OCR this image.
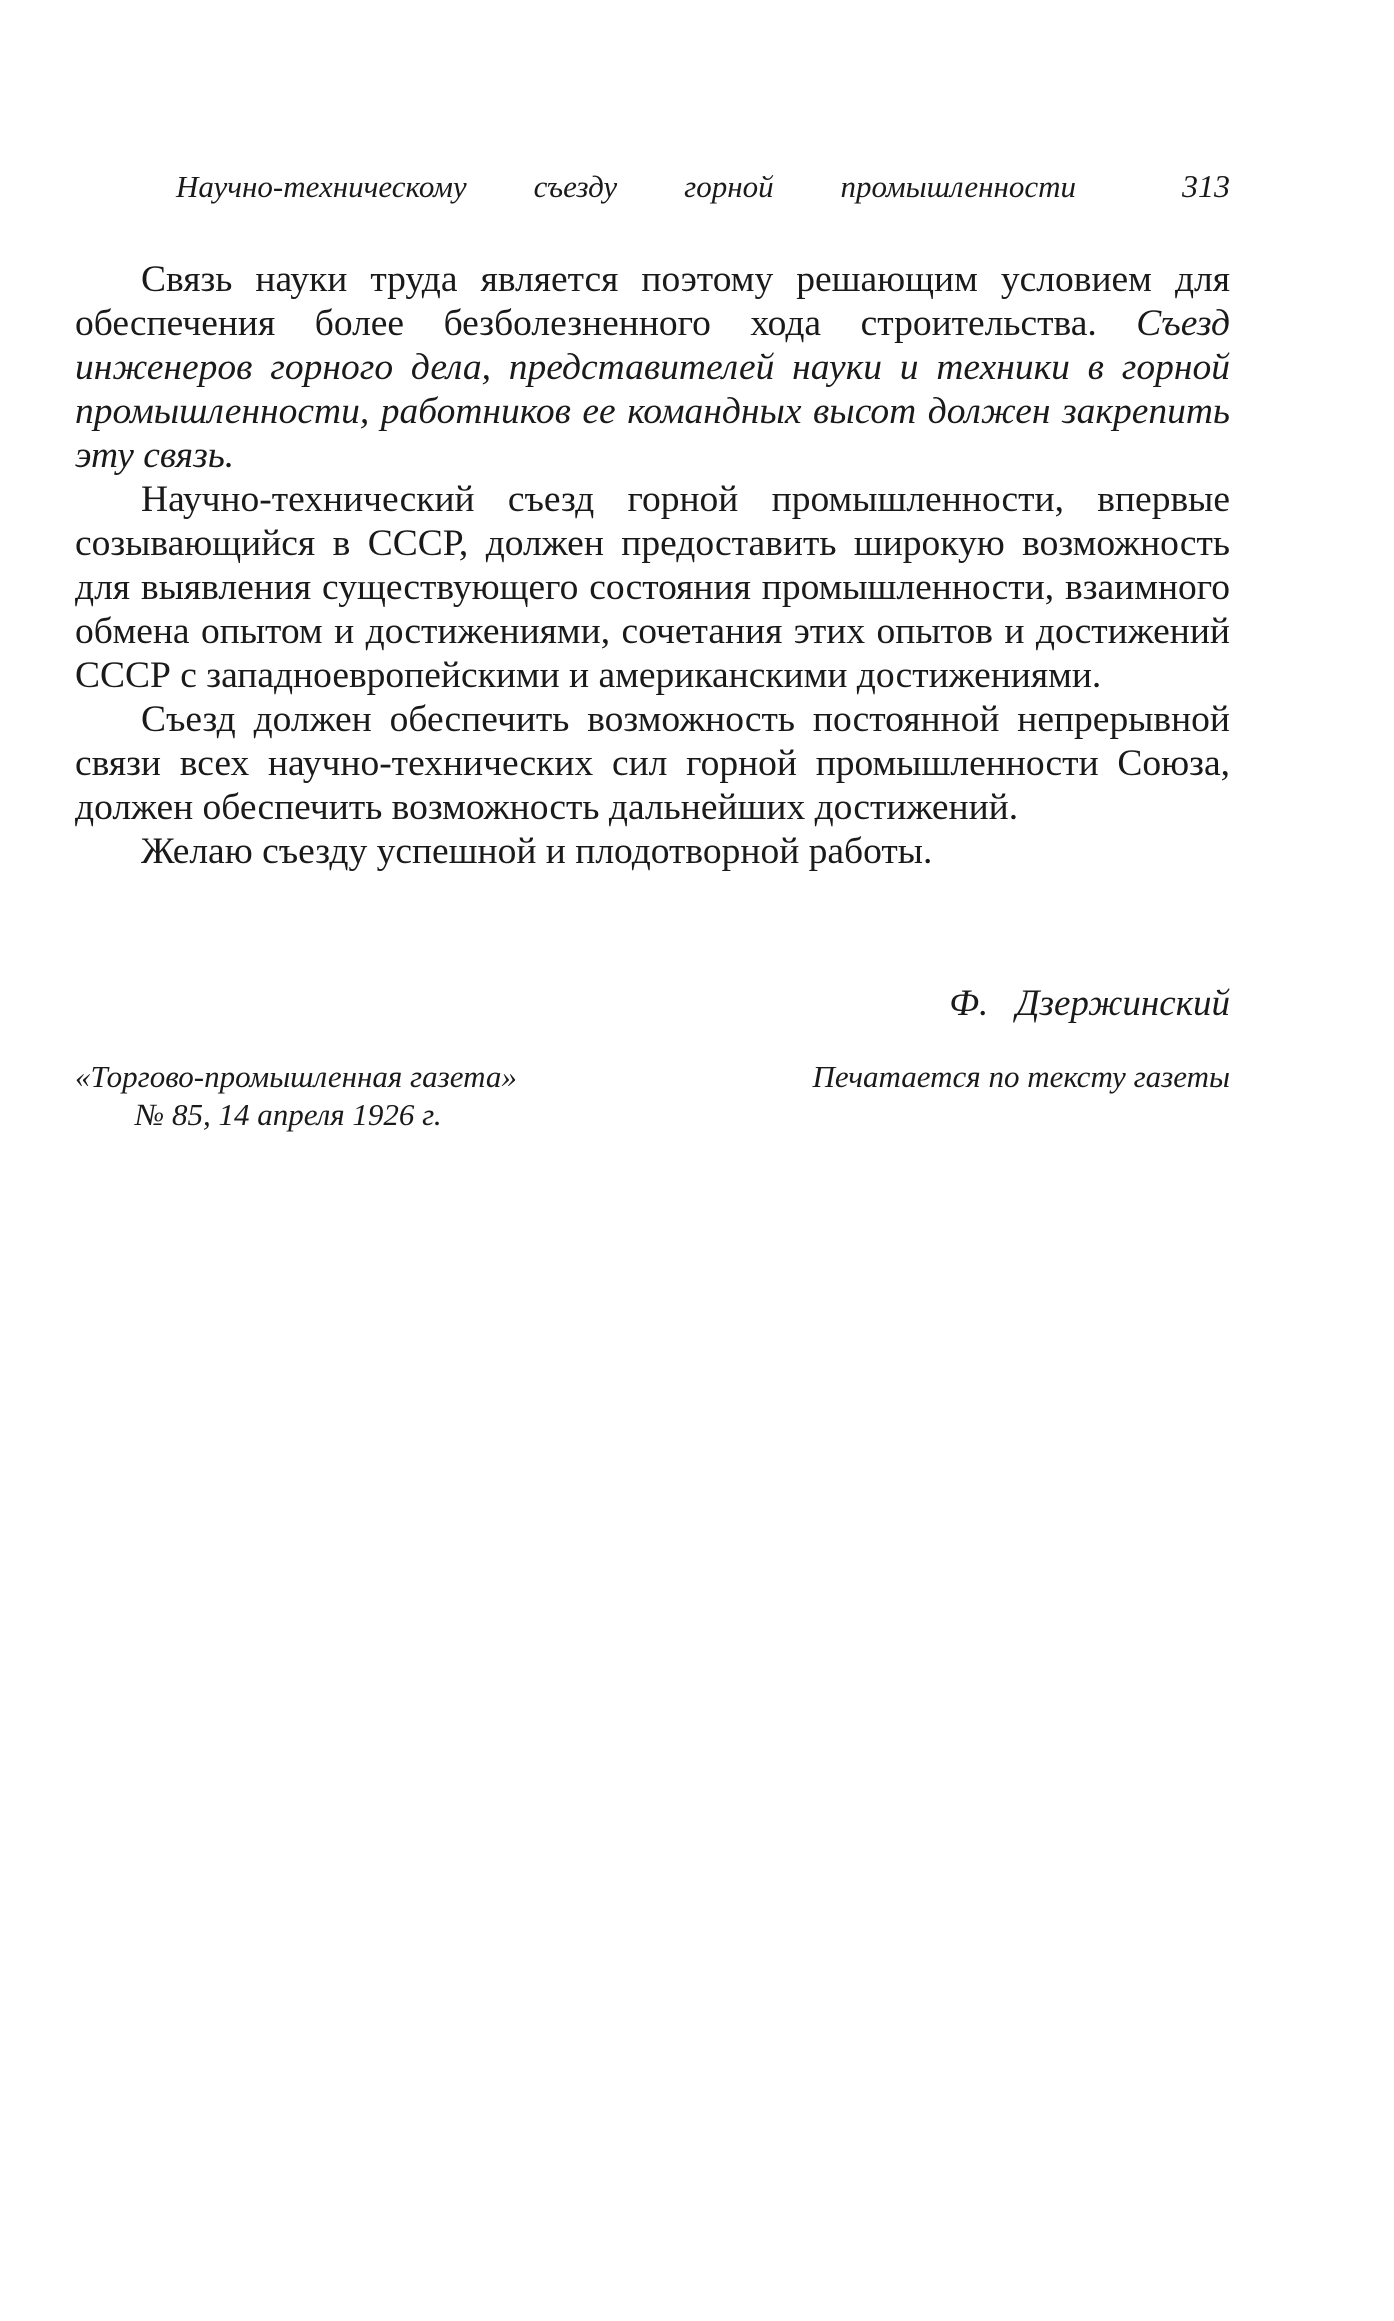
Научно-техническому съезду горной промышленности	313

Связь науки труда является поэтому решающим условием для обеспечения более безболезненного хода строительства. Съезд инженеров горного дела, представителей науки и техники в горной промышленности, работников ее командных высот должен закрепить эту связь.

Научно-технический съезд горной промышленности, впервые созывающийся в СССР, должен предоставить широкую возможность для выявления существующего состояния промышленности, взаимного обмена опытом и достижениями, сочетания этих опытов и достижений СССР с западноевропейскими и американскими достижениями.

Съезд должен обеспечить возможность постоянной непрерывной связи всех научно-технических сил горной промышленности Союза, должен обеспечить возможность дальнейших достижений.

Желаю съезду успешной и плодотворной работы.

Ф.   Дзержинский
«Торгово-промышленная газета»
№ 85, 14 апреля 1926 г.
Печатается по тексту газеты
